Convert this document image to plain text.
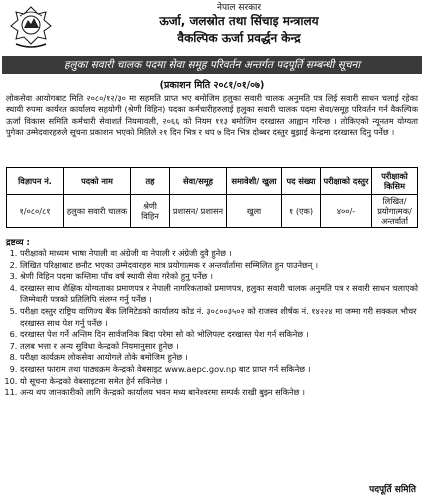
नेपाल सरकार
ऊर्जा, जलस्रोत तथा सिंचाइ मन्त्रालय
वैकल्पिक ऊर्जा प्रवर्द्धन केन्द्र
हलुका सवारी चालक पदमा सेवा समूह परिवर्तन अन्तर्गत पदपूर्ति सम्बन्धी सूचना
(प्रकाशन मिति २०८१/०१/०७)
लोकसेवा आयोगबाट मिति २०८०/१२/३० मा सहमति प्राप्त भए बमोजिम हलुका सवारी चालक अनुमति पत्र लिई सवारी साधन चलाई रहेका स्थायी रुपमा कार्यरत कार्यालय सहयोगी (श्रेणी विहिन) पदका कर्मचारीहरुलाई हलुका सवारी चालक पदमा सेवा/समूह परिवर्तन गर्न वैकल्पिक ऊर्जा विकास समिति कर्मचारी सेवाशर्त नियमावली, २०६६ को नियम ११३ बमोजिम दरखास्त आह्वान गरिन्छ । तोकिएको न्यूनतम योग्यता पुगेका उम्मेदवारहरुले सूचना प्रकाशन भएको मितिले २१ दिन भित्र र थप ७ दिन भित्र दोब्बर दस्तुर बुझाई केन्द्रमा दरखास्त दिनु पर्नेछ ।
विज्ञापन नं.	पदको नाम	तह	सेवा/समूह	समावेशी/ खुला	पद संख्या	परीक्षाको दस्तुर	परीक्षाको किसिम
१/०८०/८१	हलुका सवारी चालक	श्रेणी विहिन	प्रशासन/ प्रशासन	खुला	१ (एक)	४००/-	लिखित/प्रयोगात्मक/ अन्तर्वार्ता
द्रष्टव्य :
1. परीक्षाको माध्यम भाषा नेपाली वा अंग्रेजी वा नेपाली र अंग्रेजी दुवै हुनेछ ।
2. लिखित परिक्षाबाट छनौट भएका उम्मेदवारहरु मात्र प्रयोगात्मक र अन्तर्वार्तामा सम्मिलित हुन पाउनेछन् ।
3. श्रेणी विहिन पदमा कम्तिमा पाँच वर्ष स्थायी सेवा गरेको हुनु पर्नेछ ।
4. दरखास्त साथ शैक्षिक योग्यताका प्रमाणपत्र र नेपाली नागरिकताको प्रमाणपत्र, हलुका सवारी चालक अनुमति पत्र र सवारी साधन चलाएको जिम्मेवारी पत्रको प्रतिलिपि संलग्न गर्नु पर्नेछ ।
5. परीक्षा दस्तुर राष्ट्रिय वाणिज्य बैंक लिमिटेडको कार्यालय कोड नं. ३०८००३५०२ को राजस्व शीर्षक नं. १४२२४ मा जम्मा गरी सक्कल भौचर दरखास्त साथ पेश गर्नु पर्नेछ ।
6. दरखास्त पेश गर्ने अन्तिम दिन सार्वजनिक बिदा परेमा सो को भोलिपल्ट दरखास्त पेश गर्न सकिनेछ ।
7. तलब भत्ता र अन्य सुविधा केन्द्रको नियमानुसार हुनेछ ।
8. परीक्षा कार्यक्रम लोकसेवा आयोगले तोके बमोजिम हुनेछ ।
9. दरखास्त फाराम तथा पाठ्यक्रम केन्द्रको वेबसाइट www.aepc.gov.np बाट प्राप्त गर्न सकिनेछ ।
10. यो सूचना केन्द्रको वेबसाइटमा समेत हेर्न सकिनेछ ।
11. अन्य थप जानकारीको लागि केन्द्रको कार्यालय भवन मध्य बानेश्वरमा सम्पर्क राखी बुझ्न सकिनेछ ।
पदपूर्ति समिति
